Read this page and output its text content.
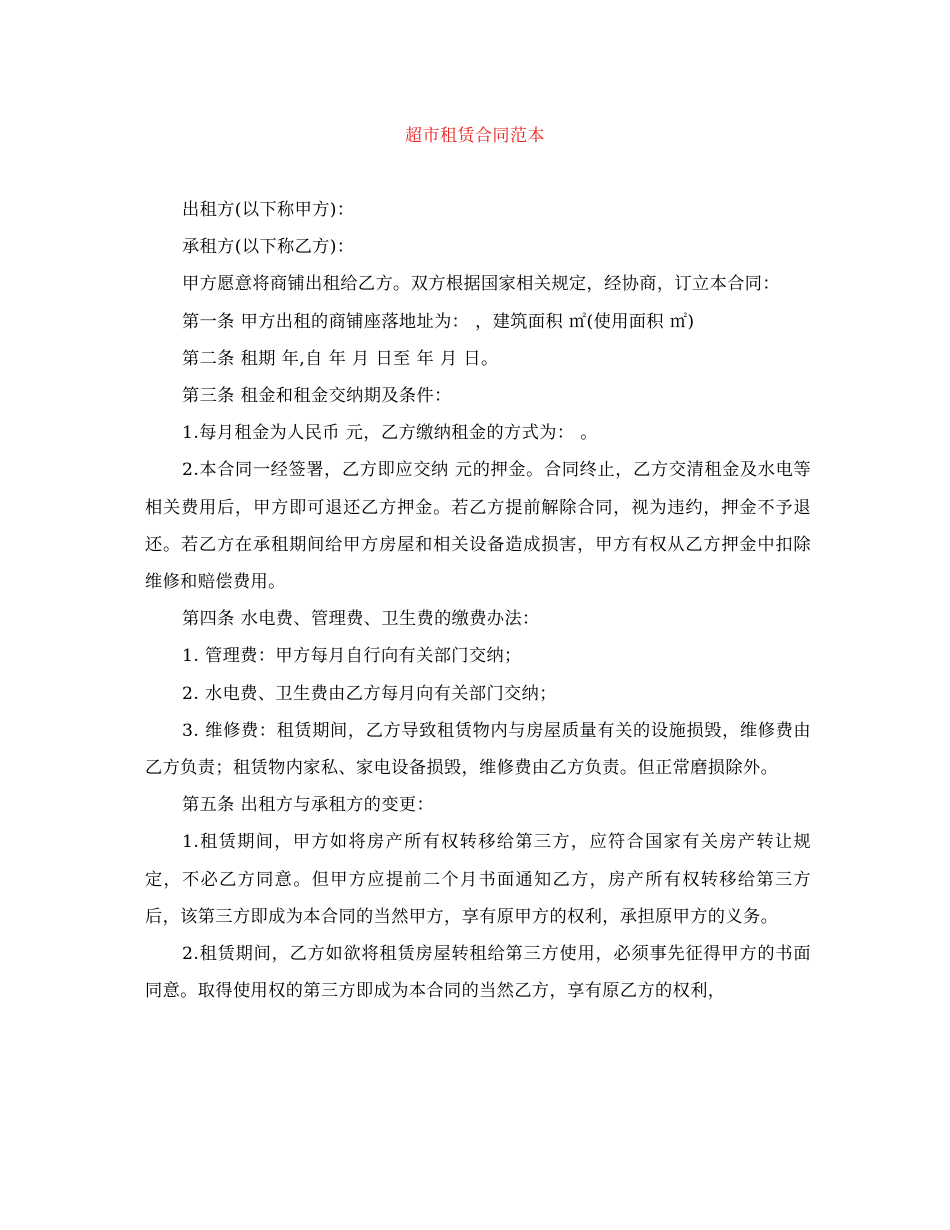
超市租赁合同范本

出租方(以下称甲方)：

承租方(以下称乙方)：

甲方愿意将商铺出租给乙方。双方根据国家相关规定，经协商，订立本合同：

第一条 甲方出租的商铺座落地址为： ，建筑面积 ㎡(使用面积 ㎡)

第二条 租期 年,自 年 月 日至 年 月 日。

第三条 租金和租金交纳期及条件：

1.每月租金为人民币 元，乙方缴纳租金的方式为： 。

2.本合同一经签署，乙方即应交纳 元的押金。合同终止，乙方交清租金及水电等相关费用后，甲方即可退还乙方押金。若乙方提前解除合同，视为违约，押金不予退还。若乙方在承租期间给甲方房屋和相关设备造成损害，甲方有权从乙方押金中扣除维修和赔偿费用。

第四条 水电费、管理费、卫生费的缴费办法：

1. 管理费：甲方每月自行向有关部门交纳；

2. 水电费、卫生费由乙方每月向有关部门交纳；

3. 维修费：租赁期间，乙方导致租赁物内与房屋质量有关的设施损毁，维修费由乙方负责；租赁物内家私、家电设备损毁，维修费由乙方负责。但正常磨损除外。

第五条 出租方与承租方的变更：

1.租赁期间，甲方如将房产所有权转移给第三方，应符合国家有关房产转让规定，不必乙方同意。但甲方应提前二个月书面通知乙方，房产所有权转移给第三方后，该第三方即成为本合同的当然甲方，享有原甲方的权利，承担原甲方的义务。

2.租赁期间，乙方如欲将租赁房屋转租给第三方使用，必须事先征得甲方的书面同意。取得使用权的第三方即成为本合同的当然乙方，享有原乙方的权利，
